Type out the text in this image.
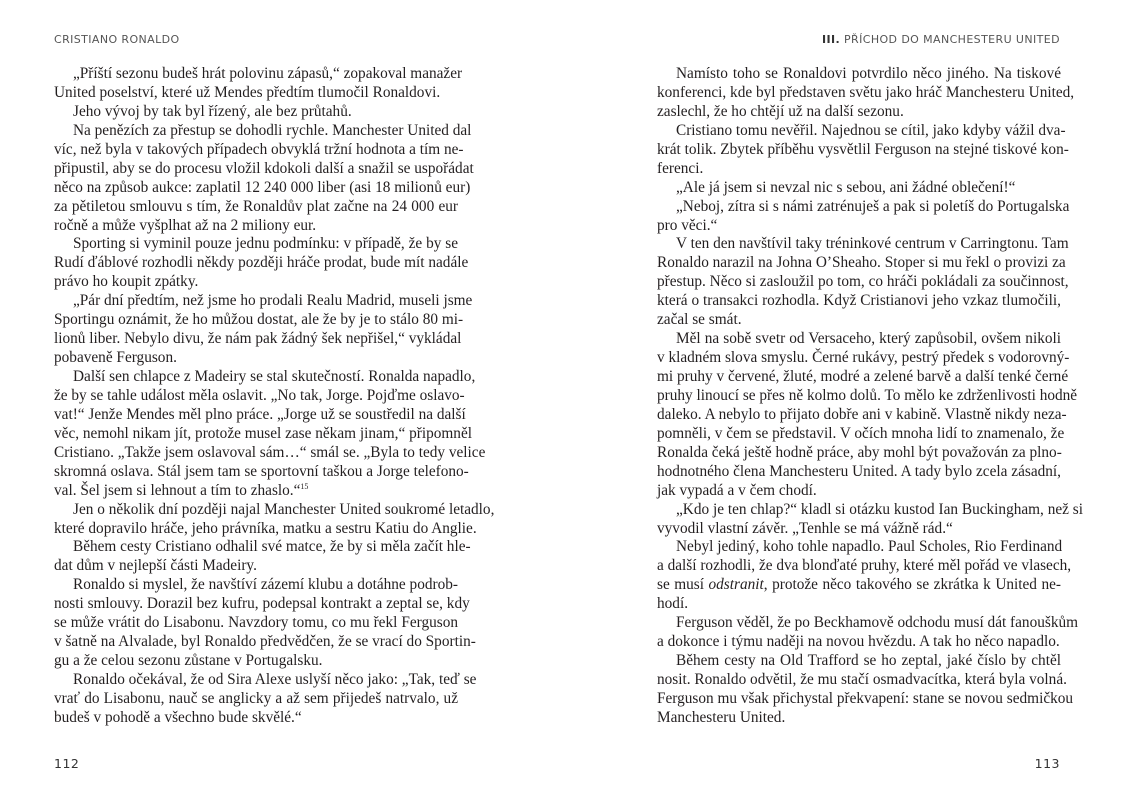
CRISTIANO RONALDO	III. PŘÍCHOD DO MANCHESTERU UNITED
„Příští sezonu budeš hrát polovinu zápasů,“ zopakoval manažer
United poselství, které už Mendes předtím tlumočil Ronaldovi.
Jeho vývoj by tak byl řízený, ale bez průtahů.
Na penězích za přestup se dohodli rychle. Manchester United dal
víc, než byla v takových případech obvyklá tržní hodnota a tím ne-
připustil, aby se do procesu vložil kdokoli další a snažil se uspořádat
něco na způsob aukce: zaplatil 12 240 000 liber (asi 18 milionů eur)
za pětiletou smlouvu s tím, že Ronaldův plat začne na 24 000 eur
ročně a může vyšplhat až na 2 miliony eur.
Sporting si vyminil pouze jednu podmínku: v případě, že by se
Rudí ďáblové rozhodli někdy později hráče prodat, bude mít nadále
právo ho koupit zpátky.
„Pár dní předtím, než jsme ho prodali Realu Madrid, museli jsme
Sportingu oznámit, že ho můžou dostat, ale že by je to stálo 80 mi-
lionů liber. Nebylo divu, že nám pak žádný šek nepřišel,“ vykládal
pobaveně Ferguson.
Další sen chlapce z Madeiry se stal skutečností. Ronalda napadlo,
že by se tahle událost měla oslavit. „No tak, Jorge. Pojďme oslavo-
vat!“ Jenže Mendes měl plno práce. „Jorge už se soustředil na další
věc, nemohl nikam jít, protože musel zase někam jinam,“ připomněl
Cristiano. „Takže jsem oslavoval sám…“ smál se. „Byla to tedy velice
skromná oslava. Stál jsem tam se sportovní taškou a Jorge telefono-
val. Šel jsem si lehnout a tím to zhaslo.“$^{15}$
Jen o několik dní později najal Manchester United soukromé letadlo,
které dopravilo hráče, jeho právníka, matku a sestru Katiu do Anglie.
Během cesty Cristiano odhalil své matce, že by si měla začít hle-
dat dům v nejlepší části Madeiry.
Ronaldo si myslel, že navštíví zázemí klubu a dotáhne podrob-
nosti smlouvy. Dorazil bez kufru, podepsal kontrakt a zeptal se, kdy
se může vrátit do Lisabonu. Navzdory tomu, co mu řekl Ferguson
v šatně na Alvalade, byl Ronaldo předvědčen, že se vrací do Sportin-
gu a že celou sezonu zůstane v Portugalsku.
Ronaldo očekával, že od Sira Alexe uslyší něco jako: „Tak, teď se
vrať do Lisabonu, nauč se anglicky a až sem přijedeš natrvalo, už
budeš v pohodě a všechno bude skvělé.“
Namísto toho se Ronaldovi potvrdilo něco jiného. Na tiskové
konferenci, kde byl představen světu jako hráč Manchesteru United,
zaslechl, že ho chtějí už na další sezonu.
Cristiano tomu nevěřil. Najednou se cítil, jako kdyby vážil dva-
krát tolik. Zbytek příběhu vysvětlil Ferguson na stejné tiskové kon-
ferenci.
„Ale já jsem si nevzal nic s sebou, ani žádné oblečení!“
„Neboj, zítra si s námi zatrénuješ a pak si poletíš do Portugalska
pro věci.“
V ten den navštívil taky tréninkové centrum v Carringtonu. Tam
Ronaldo narazil na Johna O’Sheaho. Stoper si mu řekl o provizi za
přestup. Něco si zasloužil po tom, co hráči pokládali za součinnost,
která o transakci rozhodla. Když Cristianovi jeho vzkaz tlumočili,
začal se smát.
Měl na sobě svetr od Versaceho, který zapůsobil, ovšem nikoli
v kladném slova smyslu. Černé rukávy, pestrý předek s vodorovný-
mi pruhy v červené, žluté, modré a zelené barvě a další tenké černé
pruhy linoucí se přes ně kolmo dolů. To mělo ke zdrženlivosti hodně
daleko. A nebylo to přijato dobře ani v kabině. Vlastně nikdy neza-
pomněli, v čem se představil. V očích mnoha lidí to znamenalo, že
Ronalda čeká ještě hodně práce, aby mohl být považován za plno-
hodnotného člena Manchesteru United. A tady bylo zcela zásadní,
jak vypadá a v čem chodí.
„Kdo je ten chlap?“ kladl si otázku kustod Ian Buckingham, než si
vyvodil vlastní závěr. „Tenhle se má vážně rád.“
Nebyl jediný, koho tohle napadlo. Paul Scholes, Rio Ferdinand
a další rozhodli, že dva blonďaté pruhy, které měl pořád ve vlasech,
se musí odstranit, protože něco takového se zkrátka k United ne-
hodí.
Ferguson věděl, že po Beckhamově odchodu musí dát fanouškům
a dokonce i týmu naději na novou hvězdu. A tak ho něco napadlo.
Během cesty na Old Trafford se ho zeptal, jaké číslo by chtěl
nosit. Ronaldo odvětil, že mu stačí osmadvacítka, která byla volná.
Ferguson mu však přichystal překvapení: stane se novou sedmičkou
Manchesteru United.
112	113
